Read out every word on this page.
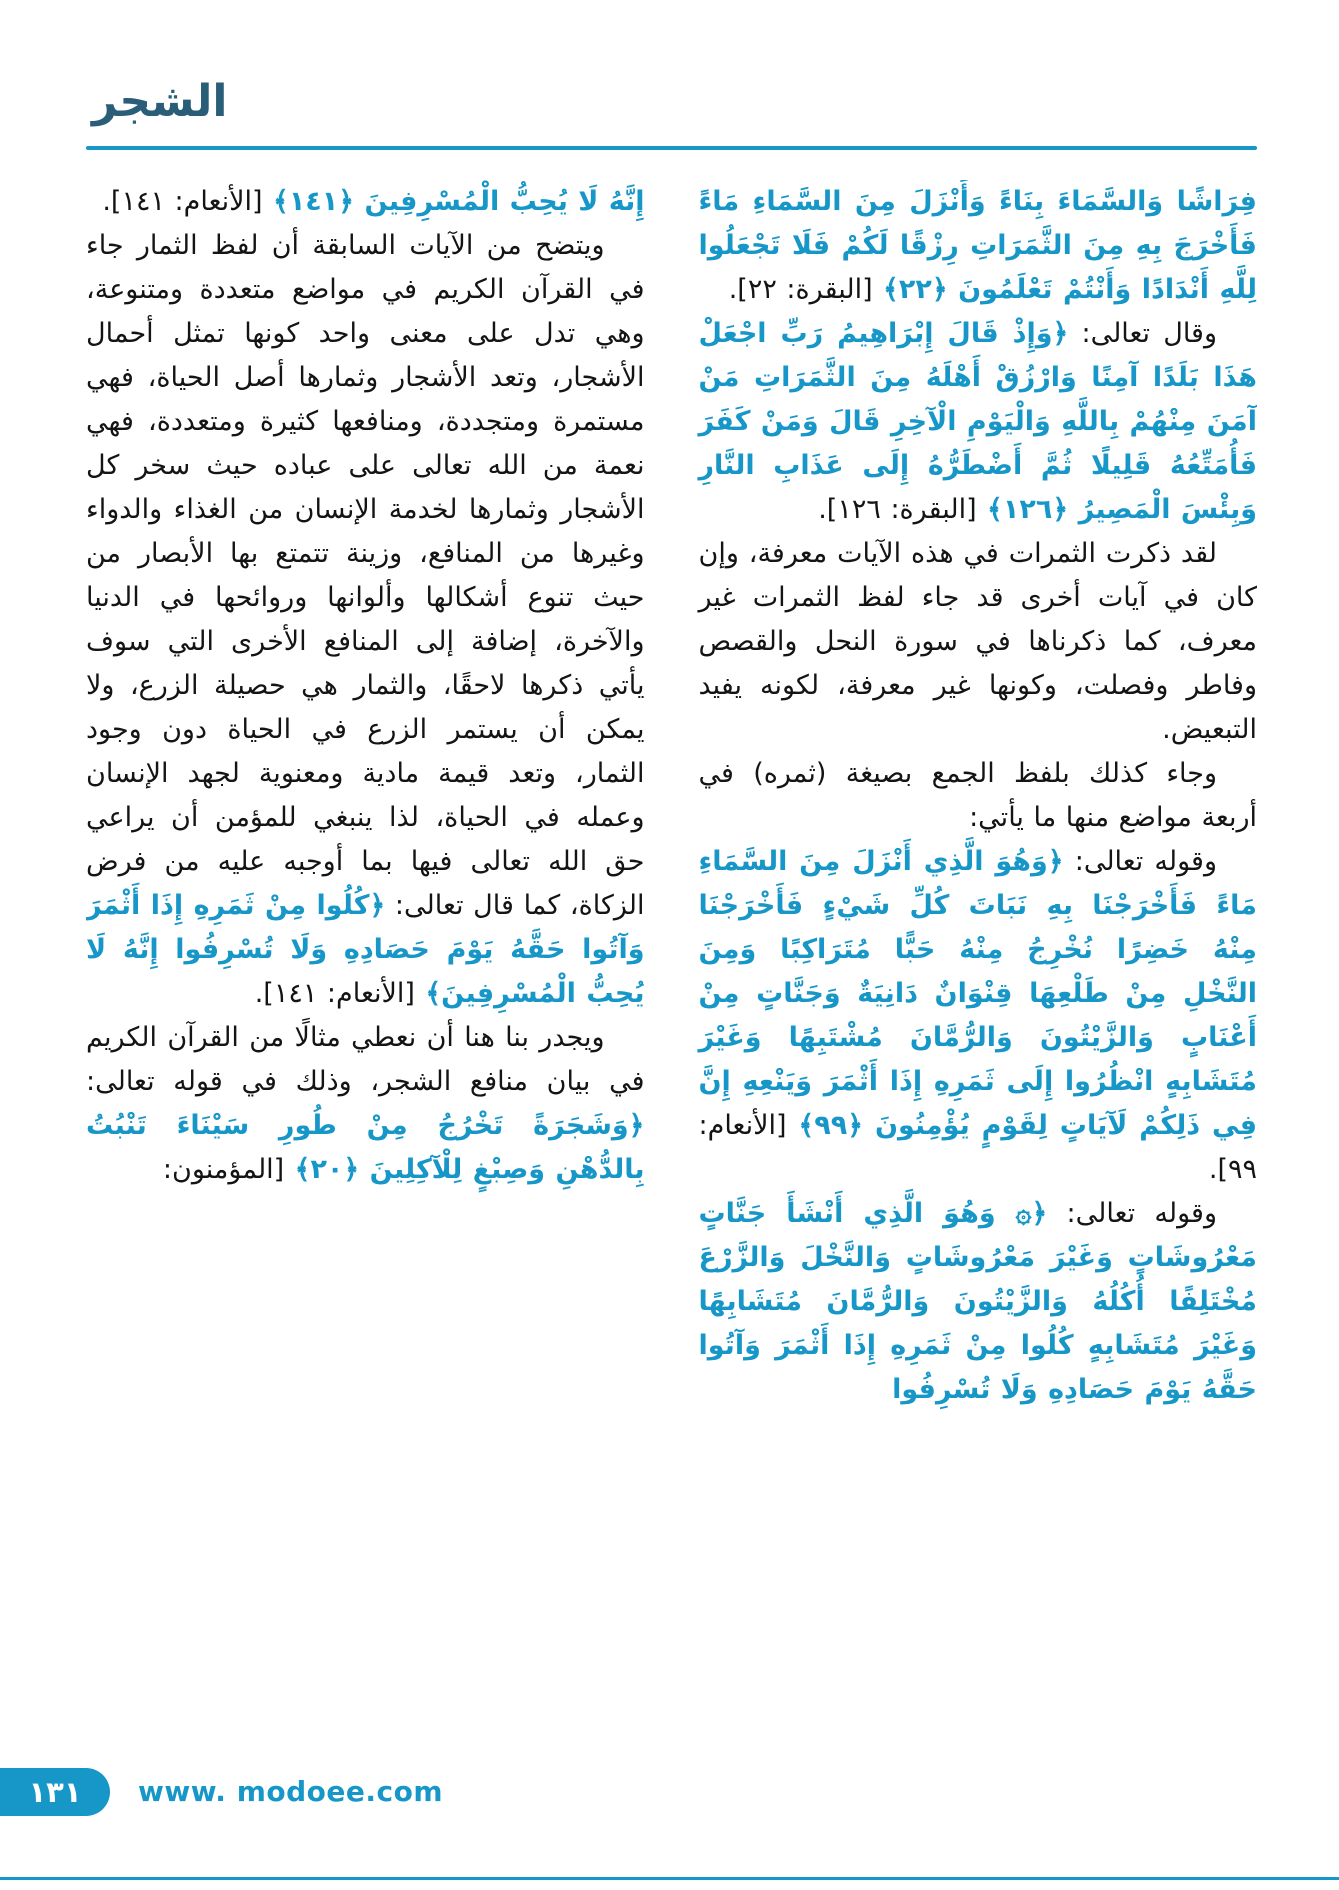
الشجر

فِرَاشًا وَالسَّمَاءَ بِنَاءً وَأَنْزَلَ مِنَ السَّمَاءِ مَاءً فَأَخْرَجَ بِهِ مِنَ الثَّمَرَاتِ رِزْقًا لَكُمْ فَلَا تَجْعَلُوا لِلَّهِ أَنْدَادًا وَأَنْتُمْ تَعْلَمُونَ ﴿٢٢﴾ [البقرة: ٢٢].

وقال تعالى: ﴿وَإِذْ قَالَ إِبْرَاهِيمُ رَبِّ اجْعَلْ هَذَا بَلَدًا آمِنًا وَارْزُقْ أَهْلَهُ مِنَ الثَّمَرَاتِ مَنْ آمَنَ مِنْهُمْ بِاللَّهِ وَالْيَوْمِ الْآخِرِ قَالَ وَمَنْ كَفَرَ فَأُمَتِّعُهُ قَلِيلًا ثُمَّ أَضْطَرُّهُ إِلَى عَذَابِ النَّارِ وَبِئْسَ الْمَصِيرُ ﴿١٢٦﴾ [البقرة: ١٢٦].

لقد ذكرت الثمرات في هذه الآيات معرفة، وإن كان في آيات أخرى قد جاء لفظ الثمرات غير معرف، كما ذكرناها في سورة النحل والقصص وفاطر وفصلت، وكونها غير معرفة، لكونه يفيد التبعيض.

وجاء كذلك بلفظ الجمع بصيغة (ثمره) في أربعة مواضع منها ما يأتي:

وقوله تعالى: ﴿وَهُوَ الَّذِي أَنْزَلَ مِنَ السَّمَاءِ مَاءً فَأَخْرَجْنَا بِهِ نَبَاتَ كُلِّ شَيْءٍ فَأَخْرَجْنَا مِنْهُ خَضِرًا نُخْرِجُ مِنْهُ حَبًّا مُتَرَاكِبًا وَمِنَ النَّخْلِ مِنْ طَلْعِهَا قِنْوَانٌ دَانِيَةٌ وَجَنَّاتٍ مِنْ أَعْنَابٍ وَالزَّيْتُونَ وَالرُّمَّانَ مُشْتَبِهًا وَغَيْرَ مُتَشَابِهٍ انْظُرُوا إِلَى ثَمَرِهِ إِذَا أَثْمَرَ وَيَنْعِهِ إِنَّ فِي ذَلِكُمْ لَآيَاتٍ لِقَوْمٍ يُؤْمِنُونَ ﴿٩٩﴾ [الأنعام: ٩٩].

وقوله تعالى: ﴿۞ وَهُوَ الَّذِي أَنْشَأَ جَنَّاتٍ مَعْرُوشَاتٍ وَغَيْرَ مَعْرُوشَاتٍ وَالنَّخْلَ وَالزَّرْعَ مُخْتَلِفًا أُكُلُهُ وَالزَّيْتُونَ وَالرُّمَّانَ مُتَشَابِهًا وَغَيْرَ مُتَشَابِهٍ كُلُوا مِنْ ثَمَرِهِ إِذَا أَثْمَرَ وَآتُوا حَقَّهُ يَوْمَ حَصَادِهِ وَلَا تُسْرِفُوا

إِنَّهُ لَا يُحِبُّ الْمُسْرِفِينَ ﴿١٤١﴾ [الأنعام: ١٤١].

ويتضح من الآيات السابقة أن لفظ الثمار جاء في القرآن الكريم في مواضع متعددة ومتنوعة، وهي تدل على معنى واحد كونها تمثل أحمال الأشجار، وتعد الأشجار وثمارها أصل الحياة، فهي مستمرة ومتجددة، ومنافعها كثيرة ومتعددة، فهي نعمة من الله تعالى على عباده حيث سخر كل الأشجار وثمارها لخدمة الإنسان من الغذاء والدواء وغيرها من المنافع، وزينة تتمتع بها الأبصار من حيث تنوع أشكالها وألوانها وروائحها في الدنيا والآخرة، إضافة إلى المنافع الأخرى التي سوف يأتي ذكرها لاحقًا، والثمار هي حصيلة الزرع، ولا يمكن أن يستمر الزرع في الحياة دون وجود الثمار، وتعد قيمة مادية ومعنوية لجهد الإنسان وعمله في الحياة، لذا ينبغي للمؤمن أن يراعي حق الله تعالى فيها بما أوجبه عليه من فرض الزكاة، كما قال تعالى: ﴿كُلُوا مِنْ ثَمَرِهِ إِذَا أَثْمَرَ وَآتُوا حَقَّهُ يَوْمَ حَصَادِهِ وَلَا تُسْرِفُوا إِنَّهُ لَا يُحِبُّ الْمُسْرِفِينَ﴾ [الأنعام: ١٤١].

ويجدر بنا هنا أن نعطي مثالًا من القرآن الكريم في بيان منافع الشجر، وذلك في قوله تعالى: ﴿وَشَجَرَةً تَخْرُجُ مِنْ طُورِ سَيْنَاءَ تَنْبُتُ بِالدُّهْنِ وَصِبْغٍ لِلْآكِلِينَ ﴿٢٠﴾ [المؤمنون:

١٣١ www. modoee.com
